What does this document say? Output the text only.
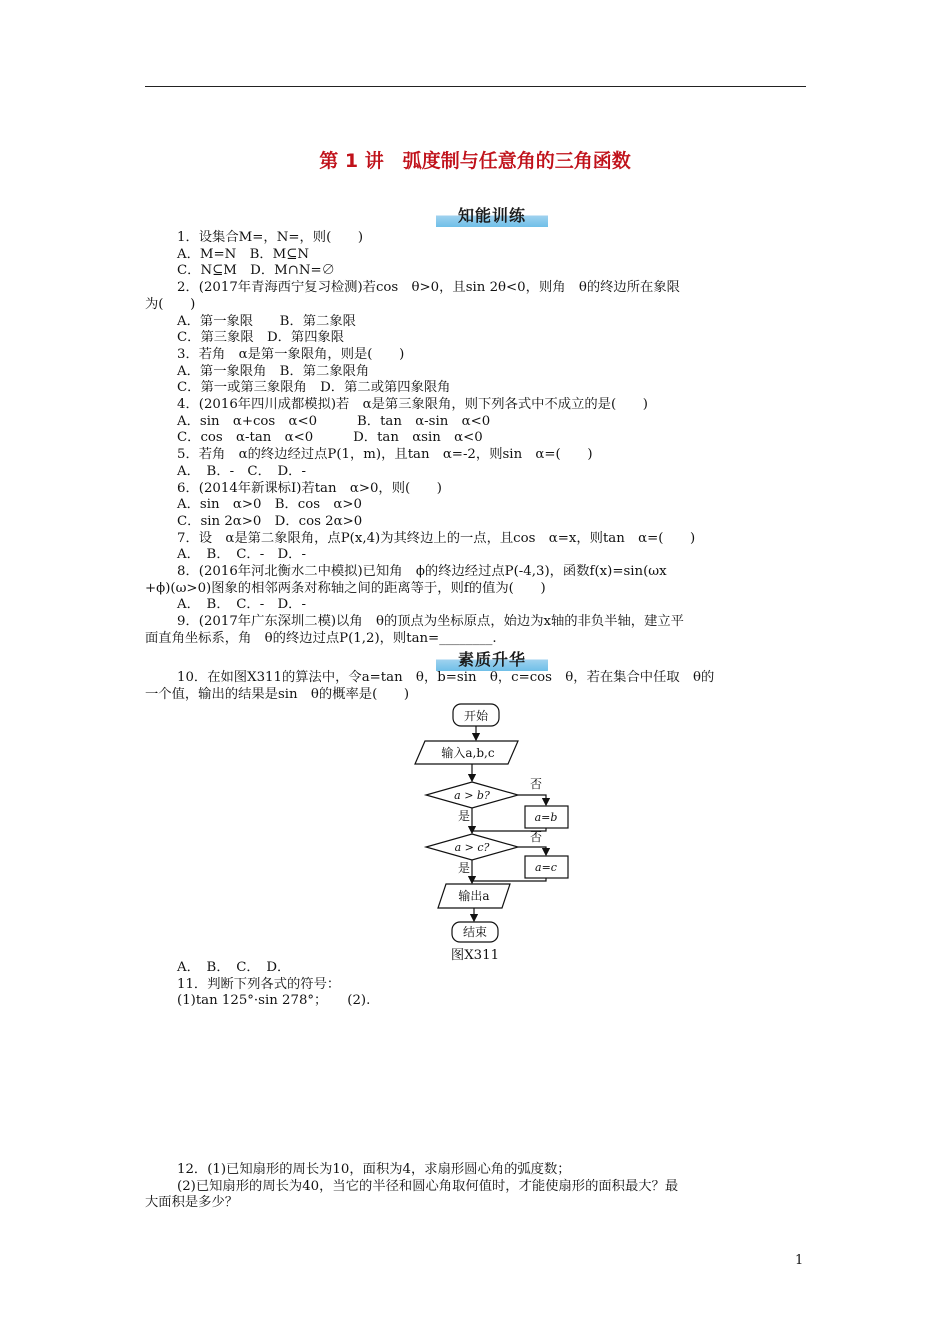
第 1 讲　弧度制与任意角的三角函数
知能训练
1．设集合M=，N=，则(　　)
A．M=N　B．M⊆N
C．N⊆M　D．M∩N=∅
2．(2017年青海西宁复习检测)若cos　θ>0，且sin 2θ<0，则角　θ的终边所在象限
为(　　)
A．第一象限　　B．第二象限
C．第三象限　D．第四象限
3．若角　α是第一象限角，则是(　　)
A．第一象限角　B．第二象限角
C．第一或第三象限角　D．第二或第四象限角
4．(2016年四川成都模拟)若　α是第三象限角，则下列各式中不成立的是(　　)
A．sin　α+cos　α<0　　　B．tan　α-sin　α<0
C．cos　α-tan　α<0　　　D．tan　αsin　α<0
5．若角　α的终边经过点P(1，m)，且tan　α=-2，则sin　α=(　　)
A．　B．-　C．　D．-
6．(2014年新课标Ⅰ)若tan　α>0，则(　　)
A．sin　α>0　B．cos　α>0
C．sin 2α>0　D．cos 2α>0
7．设　α是第二象限角，点P(x,4)为其终边上的一点，且cos　α=x，则tan　α=(　　)
A．　B．　C．-　D．-
8．(2016年河北衡水二中模拟)已知角　ϕ的终边经过点P(-4,3)，函数f(x)=sin(ωx
+ϕ)(ω>0)图象的相邻两条对称轴之间的距离等于，则f的值为(　　)
A．　B．　C．-　D．-
9．(2017年广东深圳二模)以角　θ的顶点为坐标原点，始边为x轴的非负半轴，建立平
面直角坐标系，角　θ的终边过点P(1,2)，则tan=________.
素质升华
10．在如图X311的算法中，令a=tan　θ，b=sin　θ，c=cos　θ，若在集合中任取　θ的
一个值，输出的结果是sin　θ的概率是(　　)
开始
输入a,b,c
a > b?
a=b
a > c?
a=c
输出a
结束
否
是
否
是
图X311
A．　B．　C．　D．
11．判断下列各式的符号：
(1)tan 125°·sin 278°；　　(2).
12．(1)已知扇形的周长为10，面积为4，求扇形圆心角的弧度数；
(2)已知扇形的周长为40，当它的半径和圆心角取何值时，才能使扇形的面积最大？最
大面积是多少？
1
